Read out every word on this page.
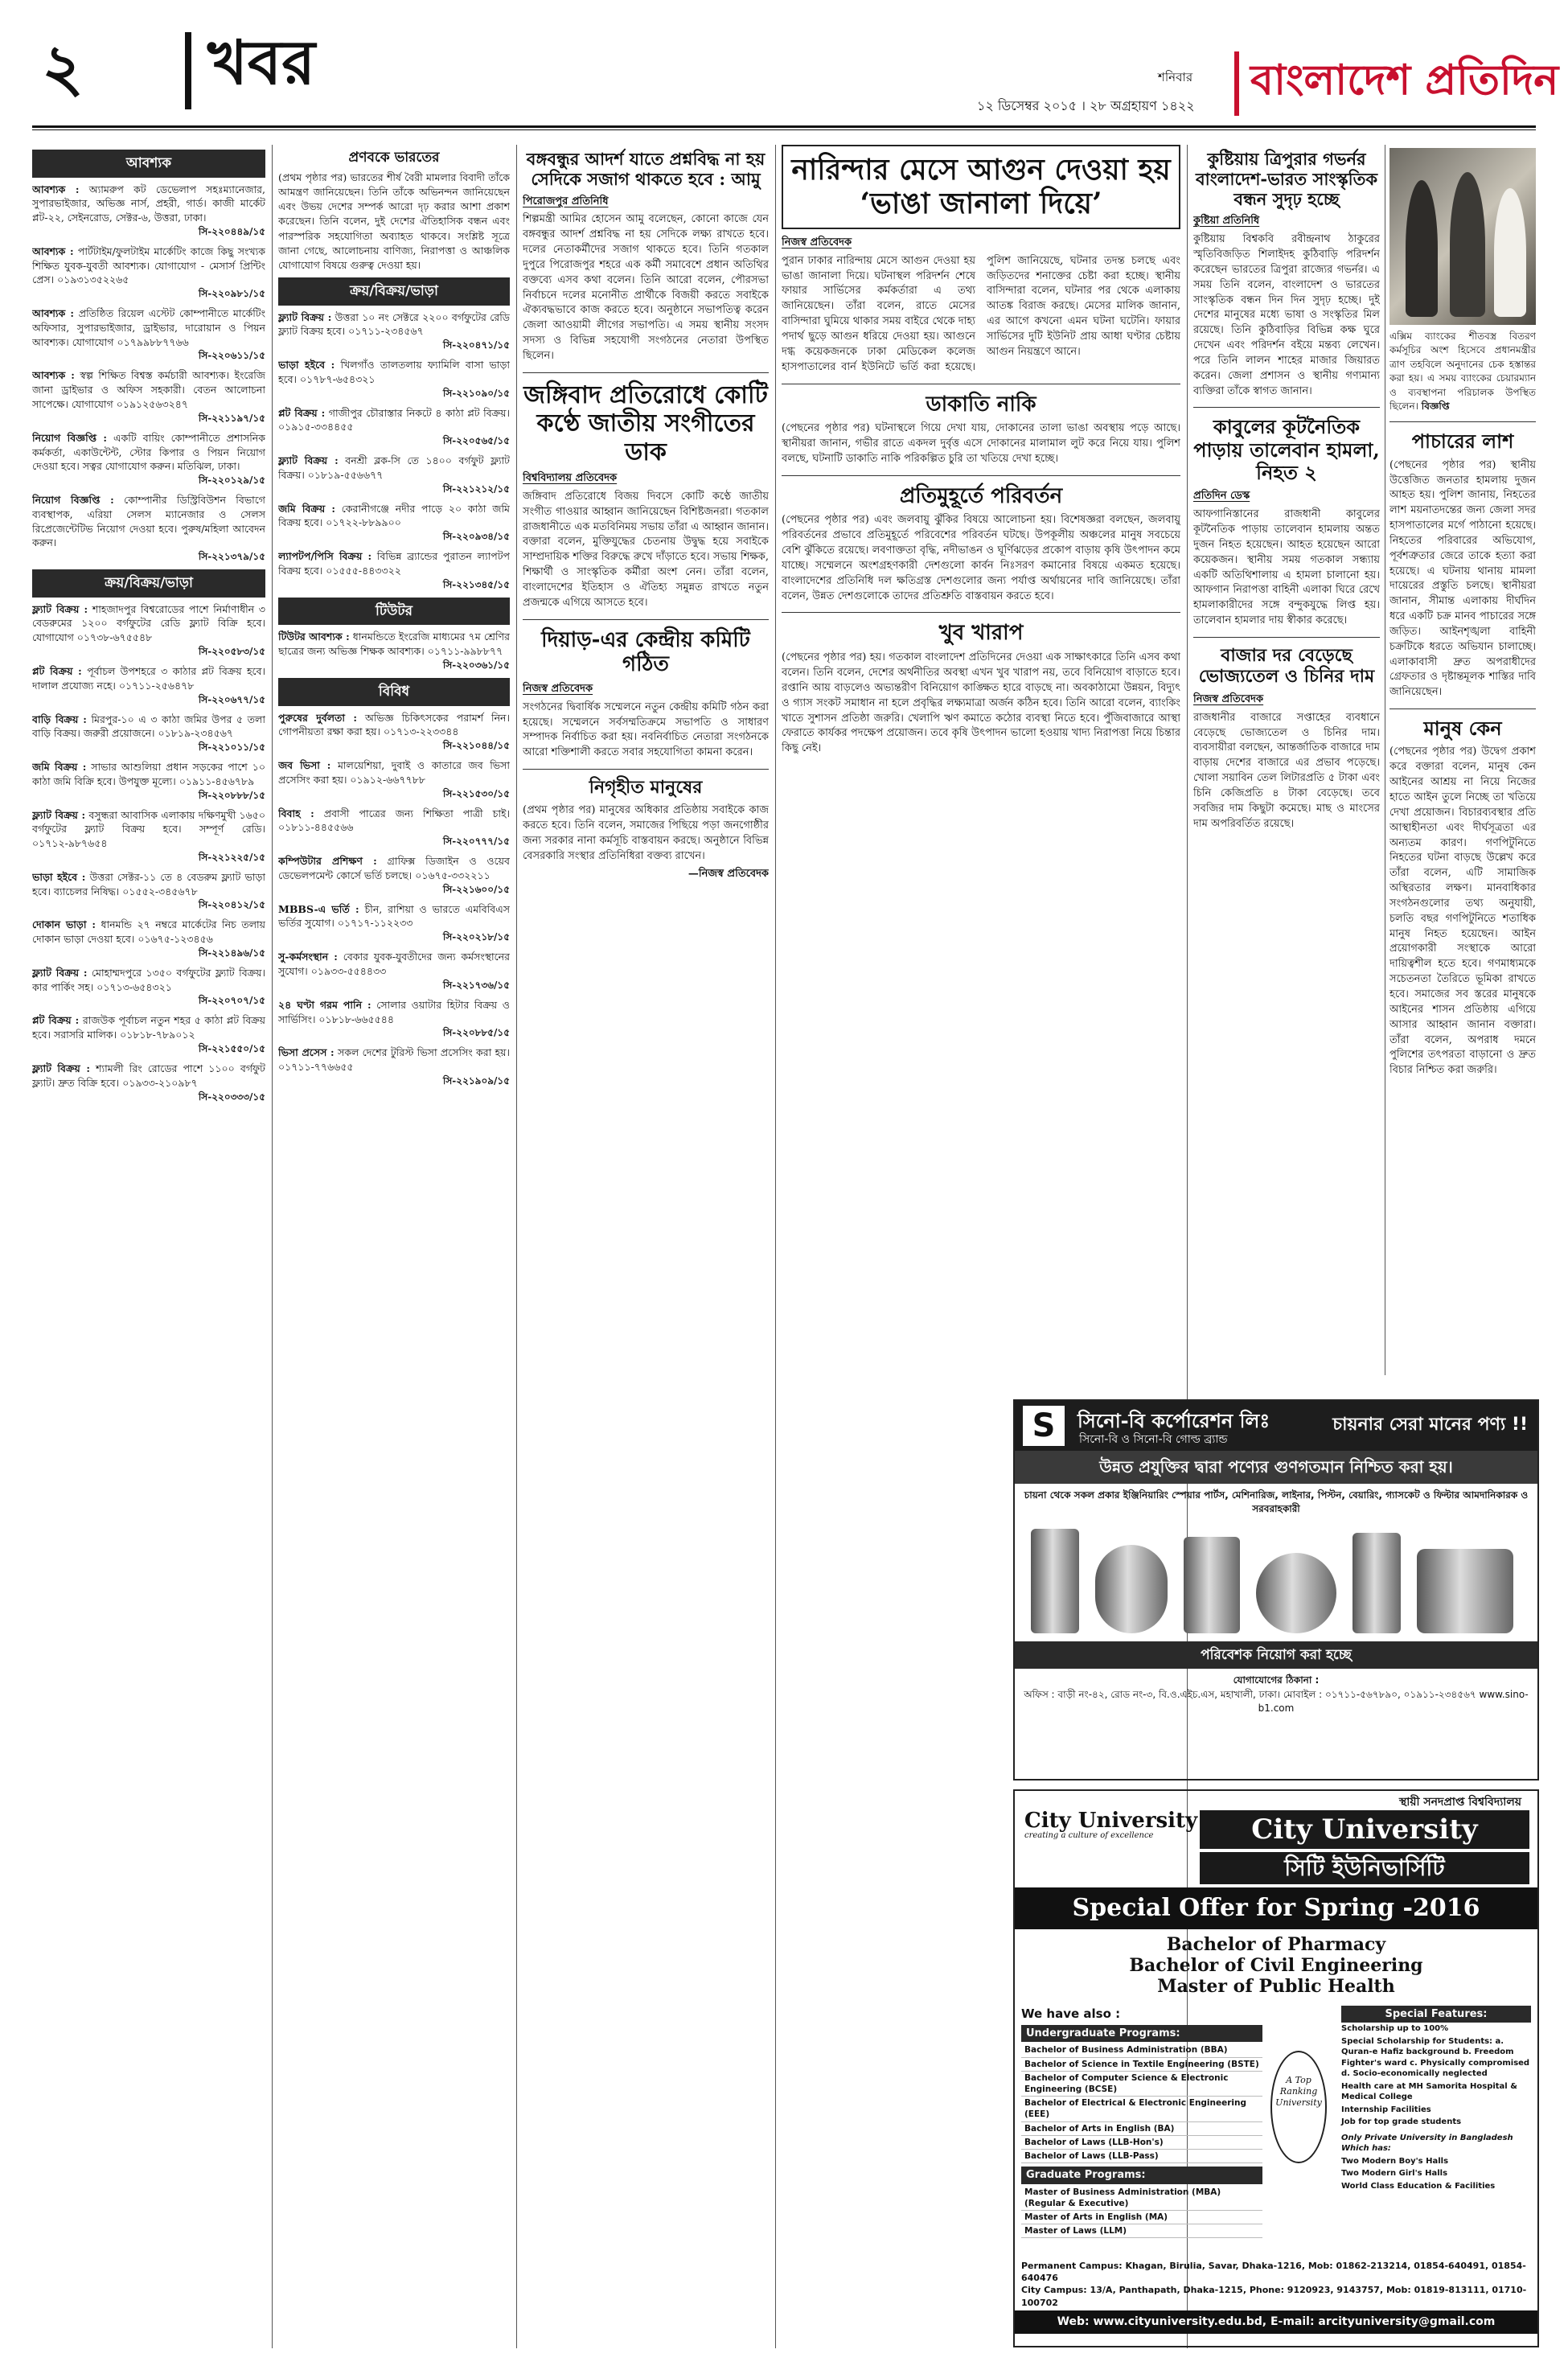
২ খবর	শনিবার
১২ ডিসেম্বর ২০১৫ । ২৮ অগ্রহায়ণ ১৪২২
বাংলাদেশ প্রতিদিন
আবশ্যক
আবশ্যক : অ্যামরুপ কট ডেভেলাপ সহঃম্যানেজার, সুপারভাইজার, অভিজ্ঞ নার্স, প্রহরী, গার্ড। কাজী মার্কেট প্লট-২২, সেইনরোড, সেক্টর-৬, উত্তরা, ঢাকা।
সি-২২০৪৪৯/১৫
আবশ্যক : পার্টটাইম/ফুলটাইম মার্কেটিং কাজে কিছু সংখ্যক শিক্ষিত যুবক-যুবতী আবশ্যক। যোগাযোগ - মেসার্স প্রিন্টিং প্রেস। ০১৯৩১৩৫২২৬৫
সি-২২০৯৮১/১৫
আবশ্যক : প্রতিষ্ঠিত রিয়েল এস্টেট কোম্পানীতে মার্কেটিং অফিসার, সুপারভাইজার, ড্রাইভার, দারোয়ান ও পিয়ন আবশ্যক। যোগাযোগ ০১৭৯৯৮৮৭৭৬৬
সি-২২০৬১১/১৫
আবশ্যক : স্বল্প শিক্ষিত বিশ্বস্ত কর্মচারী আবশ্যক। ইংরেজি জানা ড্রাইভার ও অফিস সহকারী। বেতন আলোচনা সাপেক্ষে। যোগাযোগ ০১৯১২৫৬৩২৪৭
সি-২২১১৯৭/১৫
নিয়োগ বিজ্ঞপ্তি : একটি বায়িং কোম্পানীতে প্রশাসনিক কর্মকর্তা, একাউন্টেন্ট, স্টোর কিপার ও পিয়ন নিয়োগ দেওয়া হবে। সত্বর যোগাযোগ করুন। মতিঝিল, ঢাকা।
সি-২২০১২৯/১৫
নিয়োগ বিজ্ঞপ্তি : কোম্পানীর ডিস্ট্রিবিউশন বিভাগে ব্যবস্থাপক, এরিয়া সেলস ম্যানেজার ও সেলস রিপ্রেজেন্টেটিভ নিয়োগ দেওয়া হবে। পুরুষ/মহিলা আবেদন করুন।
সি-২২১৩৭৯/১৫
ক্রয়/বিক্রয়/ভাড়া
ফ্ল্যাট বিক্রয় : শাহজাদপুর বিশ্বরোডের পাশে নির্মাণাধীন ৩ বেডরুমের ১২০০ বর্গফুটের রেডি ফ্ল্যাট বিক্রি হবে। যোগাযোগ ০১৭৩৮-৬৭৫৫৪৮
সি-২২০৫৮৩/১৫
প্লট বিক্রয় : পূর্বাচল উপশহরে ৩ কাঠার প্লট বিক্রয় হবে। দালাল প্রযোজ্য নহে। ০১৭১১-২৫৬৪৭৮
সি-২২০৬৭৭/১৫
বাড়ি বিক্রয় : মিরপুর-১০ এ ৩ কাঠা জমির উপর ৫ তলা বাড়ি বিক্রয়। জরুরী প্রয়োজনে। ০১৮১৯-২৩৪৫৬৭
সি-২২১০১১/১৫
জমি বিক্রয় : সাভার আশুলিয়া প্রধান সড়কের পাশে ১০ কাঠা জমি বিক্রি হবে। উপযুক্ত মূল্যে। ০১৯১১-৪৫৬৭৮৯
সি-২২০৮৮৮/১৫
ফ্ল্যাট বিক্রয় : বসুন্ধরা আবাসিক এলাকায় দক্ষিণমুখী ১৬৫০ বর্গফুটের ফ্ল্যাট বিক্রয় হবে। সম্পূর্ণ রেডি। ০১৭১২-৯৮৭৬৫৪
সি-২২১২২৫/১৫
ভাড়া হইবে : উত্তরা সেক্টর-১১ তে ৪ বেডরুম ফ্ল্যাট ভাড়া হবে। ব্যাচেলর নিষিদ্ধ। ০১৫৫২-৩৪৫৬৭৮
সি-২২০৪১২/১৫
দোকান ভাড়া : ধানমন্ডি ২৭ নম্বরে মার্কেটের নিচ তলায় দোকান ভাড়া দেওয়া হবে। ০১৬৭৫-১২৩৪৫৬
সি-২২১৪৯৬/১৫
ফ্ল্যাট বিক্রয় : মোহাম্মদপুরে ১৩৫০ বর্গফুটের ফ্ল্যাট বিক্রয়। কার পার্কিং সহ। ০১৭১৩-৬৫৪৩২১
সি-২২০৭০৭/১৫
প্লট বিক্রয় : রাজউক পূর্বাচল নতুন শহর ৫ কাঠা প্লট বিক্রয় হবে। সরাসরি মালিক। ০১৮১৮-৭৮৯০১২
সি-২২১৫৫০/১৫
ফ্ল্যাট বিক্রয় : শ্যামলী রিং রোডের পাশে ১১০০ বর্গফুট ফ্ল্যাট। দ্রুত বিক্রি হবে। ০১৯৩৩-২১০৯৮৭
সি-২২০৩৩৩/১৫
প্রণবকে ভারতের

(প্রথম পৃষ্ঠার পর) ভারতের শীর্ষ বৈরী মামলার বিবাদী তাঁকে আমন্ত্রণ জানিয়েছেন। তিনি তাঁকে অভিনন্দন জানিয়েছেন এবং উভয় দেশের সম্পর্ক আরো দৃঢ় করার আশা প্রকাশ করেছেন। তিনি বলেন, দুই দেশের ঐতিহাসিক বন্ধন এবং পারস্পরিক সহযোগিতা অব্যাহত থাকবে। সংশ্লিষ্ট সূত্রে জানা গেছে, আলোচনায় বাণিজ্য, নিরাপত্তা ও আঞ্চলিক যোগাযোগ বিষয়ে গুরুত্ব দেওয়া হয়।

ক্রয়/বিক্রয়/ভাড়া
ফ্ল্যাট বিক্রয় : উত্তরা ১০ নং সেক্টরে ২২০০ বর্গফুটের রেডি ফ্ল্যাট বিক্রয় হবে। ০১৭১১-২৩৪৫৬৭
সি-২২০৪৭১/১৫
ভাড়া হইবে : খিলগাঁও তালতলায় ফ্যামিলি বাসা ভাড়া হবে। ০১৭৮৭-৬৫৪৩২১
সি-২২১০৯০/১৫
প্লট বিক্রয় : গাজীপুর চৌরাস্তার নিকটে ৪ কাঠা প্লট বিক্রয়। ০১৯১৫-৩৩৪৪৫৫
সি-২২০৫৬৫/১৫
ফ্ল্যাট বিক্রয় : বনশ্রী ব্লক-সি তে ১৪০০ বর্গফুট ফ্ল্যাট বিক্রয়। ০১৮১৯-৫৫৬৬৭৭
সি-২২১২১২/১৫
জমি বিক্রয় : কেরানীগঞ্জে নদীর পাড়ে ২০ কাঠা জমি বিক্রয় হবে। ০১৭২২-৮৮৯৯০০
সি-২২০৯৩৪/১৫
ল্যাপটপ/পিসি বিক্রয় : বিভিন্ন ব্র্যান্ডের পুরাতন ল্যাপটপ বিক্রয় হবে। ০১৫৫৫-৪৪৩৩২২
সি-২২১৩৪৫/১৫
টিউটর
টিউটর আবশ্যক : ধানমন্ডিতে ইংরেজি মাধ্যমের ৭ম শ্রেণির ছাত্রের জন্য অভিজ্ঞ শিক্ষক আবশ্যক। ০১৭১১-৯৯৮৮৭৭
সি-২২০৩৬১/১৫
বিবিধ
পুরুষের দুর্বলতা : অভিজ্ঞ চিকিৎসকের পরামর্শ নিন। গোপনীয়তা রক্ষা করা হয়। ০১৭১৩-২২৩৩৪৪
সি-২২১০৪৪/১৫
জব ভিসা : মালয়েশিয়া, দুবাই ও কাতারে জব ভিসা প্রসেসিং করা হয়। ০১৯১২-৬৬৭৭৮৮
সি-২২১৫৩০/১৫
বিবাহ : প্রবাসী পাত্রের জন্য শিক্ষিতা পাত্রী চাই। ০১৮১১-৪৪৫৫৬৬
সি-২২০৭৭৭/১৫
কম্পিউটার প্রশিক্ষণ : গ্রাফিক্স ডিজাইন ও ওয়েব ডেভেলপমেন্ট কোর্সে ভর্তি চলছে। ০১৬৭৫-৩৩২২১১
সি-২২১৬০০/১৫
MBBS-এ ভর্তি : চীন, রাশিয়া ও ভারতে এমবিবিএস ভর্তির সুযোগ। ০১৭১৭-১১২২৩৩
সি-২২০২১৮/১৫
সু-কর্মসংস্থান : বেকার যুবক-যুবতীদের জন্য কর্মসংস্থানের সুযোগ। ০১৯৩৩-৫৫৪৪৩৩
সি-২২১৭৩৬/১৫
২৪ ঘণ্টা গরম পানি : সোলার ওয়াটার হিটার বিক্রয় ও সার্ভিসিং। ০১৮১৮-৬৬৫৫৪৪
সি-২২০৮৮৫/১৫
ভিসা প্রসেস : সকল দেশের টুরিস্ট ভিসা প্রসেসিং করা হয়। ০১৭১১-৭৭৬৬৫৫
সি-২২১৯০৯/১৫
বঙ্গবন্ধুর আদর্শ যাতে প্রশ্নবিদ্ধ না হয় সেদিকে সজাগ থাকতে হবে : আমু
পিরোজপুর প্রতিনিধি

শিল্পমন্ত্রী আমির হোসেন আমু বলেছেন, কোনো কাজে যেন বঙ্গবন্ধুর আদর্শ প্রশ্নবিদ্ধ না হয় সেদিকে লক্ষ্য রাখতে হবে। দলের নেতাকর্মীদের সজাগ থাকতে হবে। তিনি গতকাল দুপুরে পিরোজপুর শহরে এক কর্মী সমাবেশে প্রধান অতিথির বক্তব্যে এসব কথা বলেন। তিনি আরো বলেন, পৌরসভা নির্বাচনে দলের মনোনীত প্রার্থীকে বিজয়ী করতে সবাইকে ঐক্যবদ্ধভাবে কাজ করতে হবে। অনুষ্ঠানে সভাপতিত্ব করেন জেলা আওয়ামী লীগের সভাপতি। এ সময় স্থানীয় সংসদ সদস্য ও বিভিন্ন সহযোগী সংগঠনের নেতারা উপস্থিত ছিলেন।

জঙ্গিবাদ প্রতিরোধে কোটি কণ্ঠে জাতীয় সংগীতের ডাক
বিশ্ববিদ্যালয় প্রতিবেদক

জঙ্গিবাদ প্রতিরোধে বিজয় দিবসে কোটি কণ্ঠে জাতীয় সংগীত গাওয়ার আহ্বান জানিয়েছেন বিশিষ্টজনরা। গতকাল রাজধানীতে এক মতবিনিময় সভায় তাঁরা এ আহ্বান জানান। বক্তারা বলেন, মুক্তিযুদ্ধের চেতনায় উদ্বুদ্ধ হয়ে সবাইকে সাম্প্রদায়িক শক্তির বিরুদ্ধে রুখে দাঁড়াতে হবে। সভায় শিক্ষক, শিক্ষার্থী ও সাংস্কৃতিক কর্মীরা অংশ নেন। তাঁরা বলেন, বাংলাদেশের ইতিহাস ও ঐতিহ্য সমুন্নত রাখতে নতুন প্রজন্মকে এগিয়ে আসতে হবে।

দিয়াড়-এর কেন্দ্রীয় কমিটি গঠিত
নিজস্ব প্রতিবেদক

সংগঠনের দ্বিবার্ষিক সম্মেলনে নতুন কেন্দ্রীয় কমিটি গঠন করা হয়েছে। সম্মেলনে সর্বসম্মতিক্রমে সভাপতি ও সাধারণ সম্পাদক নির্বাচিত করা হয়। নবনির্বাচিত নেতারা সংগঠনকে আরো শক্তিশালী করতে সবার সহযোগিতা কামনা করেন।

নিগৃহীত মানুষের

(প্রথম পৃষ্ঠার পর) মানুষের অধিকার প্রতিষ্ঠায় সবাইকে কাজ করতে হবে। তিনি বলেন, সমাজের পিছিয়ে পড়া জনগোষ্ঠীর জন্য সরকার নানা কর্মসূচি বাস্তবায়ন করছে। অনুষ্ঠানে বিভিন্ন বেসরকারি সংস্থার প্রতিনিধিরা বক্তব্য রাখেন।

—নিজস্ব প্রতিবেদক

নারিন্দার মেসে আগুন দেওয়া হয় ‘ভাঙা জানালা দিয়ে’
নিজস্ব প্রতিবেদক

পুরান ঢাকার নারিন্দায় মেসে আগুন দেওয়া হয় ভাঙা জানালা দিয়ে। ঘটনাস্থল পরিদর্শন শেষে ফায়ার সার্ভিসের কর্মকর্তারা এ তথ্য জানিয়েছেন। তাঁরা বলেন, রাতে মেসের বাসিন্দারা ঘুমিয়ে থাকার সময় বাইরে থেকে দাহ্য পদার্থ ছুড়ে আগুন ধরিয়ে দেওয়া হয়। আগুনে দগ্ধ কয়েকজনকে ঢাকা মেডিকেল কলেজ হাসপাতালের বার্ন ইউনিটে ভর্তি করা হয়েছে। পুলিশ জানিয়েছে, ঘটনার তদন্ত চলছে এবং জড়িতদের শনাক্তের চেষ্টা করা হচ্ছে। স্থানীয় বাসিন্দারা বলেন, ঘটনার পর থেকে এলাকায় আতঙ্ক বিরাজ করছে। মেসের মালিক জানান, এর আগে কখনো এমন ঘটনা ঘটেনি। ফায়ার সার্ভিসের দুটি ইউনিট প্রায় আধা ঘণ্টার চেষ্টায় আগুন নিয়ন্ত্রণে আনে।

ডাকাতি নাকি

(পেছনের পৃষ্ঠার পর) ঘটনাস্থলে গিয়ে দেখা যায়, দোকানের তালা ভাঙা অবস্থায় পড়ে আছে। স্থানীয়রা জানান, গভীর রাতে একদল দুর্বৃত্ত এসে দোকানের মালামাল লুট করে নিয়ে যায়। পুলিশ বলছে, ঘটনাটি ডাকাতি নাকি পরিকল্পিত চুরি তা খতিয়ে দেখা হচ্ছে।

প্রতিমুহূর্তে পরিবর্তন

(পেছনের পৃষ্ঠার পর) এবং জলবায়ু ঝুঁকির বিষয়ে আলোচনা হয়। বিশেষজ্ঞরা বলছেন, জলবায়ু পরিবর্তনের প্রভাবে প্রতিমুহূর্তে পরিবেশের পরিবর্তন ঘটছে। উপকূলীয় অঞ্চলের মানুষ সবচেয়ে বেশি ঝুঁকিতে রয়েছে। লবণাক্ততা বৃদ্ধি, নদীভাঙন ও ঘূর্ণিঝড়ের প্রকোপ বাড়ায় কৃষি উৎপাদন কমে যাচ্ছে। সম্মেলনে অংশগ্রহণকারী দেশগুলো কার্বন নিঃসরণ কমানোর বিষয়ে একমত হয়েছে। বাংলাদেশের প্রতিনিধি দল ক্ষতিগ্রস্ত দেশগুলোর জন্য পর্যাপ্ত অর্থায়নের দাবি জানিয়েছে। তাঁরা বলেন, উন্নত দেশগুলোকে তাদের প্রতিশ্রুতি বাস্তবায়ন করতে হবে।

খুব খারাপ

(পেছনের পৃষ্ঠার পর) হয়। গতকাল বাংলাদেশ প্রতিদিনের দেওয়া এক সাক্ষাৎকারে তিনি এসব কথা বলেন। তিনি বলেন, দেশের অর্থনীতির অবস্থা এখন খুব খারাপ নয়, তবে বিনিয়োগ বাড়াতে হবে। রপ্তানি আয় বাড়লেও অভ্যন্তরীণ বিনিয়োগ কাঙ্ক্ষিত হারে বাড়ছে না। অবকাঠামো উন্নয়ন, বিদ্যুৎ ও গ্যাস সংকট সমাধান না হলে প্রবৃদ্ধির লক্ষ্যমাত্রা অর্জন কঠিন হবে। তিনি আরো বলেন, ব্যাংকিং খাতে সুশাসন প্রতিষ্ঠা জরুরি। খেলাপি ঋণ কমাতে কঠোর ব্যবস্থা নিতে হবে। পুঁজিবাজারে আস্থা ফেরাতে কার্যকর পদক্ষেপ প্রয়োজন। তবে কৃষি উৎপাদন ভালো হওয়ায় খাদ্য নিরাপত্তা নিয়ে চিন্তার কিছু নেই।

কুষ্টিয়ায় ত্রিপুরার গভর্নর বাংলাদেশ-ভারত সাংস্কৃতিক বন্ধন সুদৃঢ় হচ্ছে
কুষ্টিয়া প্রতিনিধি

কুষ্টিয়ায় বিশ্বকবি রবীন্দ্রনাথ ঠাকুরের স্মৃতিবিজড়িত শিলাইদহ কুঠিবাড়ি পরিদর্শন করেছেন ভারতের ত্রিপুরা রাজ্যের গভর্নর। এ সময় তিনি বলেন, বাংলাদেশ ও ভারতের সাংস্কৃতিক বন্ধন দিন দিন সুদৃঢ় হচ্ছে। দুই দেশের মানুষের মধ্যে ভাষা ও সংস্কৃতির মিল রয়েছে। তিনি কুঠিবাড়ির বিভিন্ন কক্ষ ঘুরে দেখেন এবং পরিদর্শন বইয়ে মন্তব্য লেখেন। পরে তিনি লালন শাহের মাজার জিয়ারত করেন। জেলা প্রশাসন ও স্থানীয় গণ্যমান্য ব্যক্তিরা তাঁকে স্বাগত জানান।

কাবুলের কূটনৈতিক পাড়ায় তালেবান হামলা, নিহত ২
প্রতিদিন ডেস্ক

আফগানিস্তানের রাজধানী কাবুলের কূটনৈতিক পাড়ায় তালেবান হামলায় অন্তত দুজন নিহত হয়েছেন। আহত হয়েছেন আরো কয়েকজন। স্থানীয় সময় গতকাল সন্ধ্যায় একটি অতিথিশালায় এ হামলা চালানো হয়। আফগান নিরাপত্তা বাহিনী এলাকা ঘিরে রেখে হামলাকারীদের সঙ্গে বন্দুকযুদ্ধে লিপ্ত হয়। তালেবান হামলার দায় স্বীকার করেছে।

বাজার দর বেড়েছে ভোজ্যতেল ও চিনির দাম
নিজস্ব প্রতিবেদক

রাজধানীর বাজারে সপ্তাহের ব্যবধানে বেড়েছে ভোজ্যতেল ও চিনির দাম। ব্যবসায়ীরা বলছেন, আন্তর্জাতিক বাজারে দাম বাড়ায় দেশের বাজারে এর প্রভাব পড়েছে। খোলা সয়াবিন তেল লিটারপ্রতি ৫ টাকা এবং চিনি কেজিপ্রতি ৪ টাকা বেড়েছে। তবে সবজির দাম কিছুটা কমেছে। মাছ ও মাংসের দাম অপরিবর্তিত রয়েছে।

এক্সিম ব্যাংকের শীতবস্ত্র বিতরণ কর্মসূচির অংশ হিসেবে প্রধানমন্ত্রীর ত্রাণ তহবিলে অনুদানের চেক হস্তান্তর করা হয়। এ সময় ব্যাংকের চেয়ারম্যান ও ব্যবস্থাপনা পরিচালক উপস্থিত ছিলেন। বিজ্ঞপ্তি

পাচারের লাশ

(পেছনের পৃষ্ঠার পর) স্থানীয় উত্তেজিত জনতার হামলায় দুজন আহত হয়। পুলিশ জানায়, নিহতের লাশ ময়নাতদন্তের জন্য জেলা সদর হাসপাতালের মর্গে পাঠানো হয়েছে। নিহতের পরিবারের অভিযোগ, পূর্বশত্রুতার জেরে তাকে হত্যা করা হয়েছে। এ ঘটনায় থানায় মামলা দায়েরের প্রস্তুতি চলছে। স্থানীয়রা জানান, সীমান্ত এলাকায় দীর্ঘদিন ধরে একটি চক্র মানব পাচারের সঙ্গে জড়িত। আইনশৃঙ্খলা বাহিনী চক্রটিকে ধরতে অভিযান চালাচ্ছে। এলাকাবাসী দ্রুত অপরাধীদের গ্রেফতার ও দৃষ্টান্তমূলক শাস্তির দাবি জানিয়েছেন।

মানুষ কেন

(পেছনের পৃষ্ঠার পর) উদ্বেগ প্রকাশ করে বক্তারা বলেন, মানুষ কেন আইনের আশ্রয় না নিয়ে নিজের হাতে আইন তুলে নিচ্ছে তা খতিয়ে দেখা প্রয়োজন। বিচারব্যবস্থার প্রতি আস্থাহীনতা এবং দীর্ঘসূত্রতা এর অন্যতম কারণ। গণপিটুনিতে নিহতের ঘটনা বাড়ছে উল্লেখ করে তাঁরা বলেন, এটি সামাজিক অস্থিরতার লক্ষণ। মানবাধিকার সংগঠনগুলোর তথ্য অনুযায়ী, চলতি বছর গণপিটুনিতে শতাধিক মানুষ নিহত হয়েছেন। আইন প্রয়োগকারী সংস্থাকে আরো দায়িত্বশীল হতে হবে। গণমাধ্যমকে সচেতনতা তৈরিতে ভূমিকা রাখতে হবে। সমাজের সব স্তরের মানুষকে আইনের শাসন প্রতিষ্ঠায় এগিয়ে আসার আহ্বান জানান বক্তারা। তাঁরা বলেন, অপরাধ দমনে পুলিশের তৎপরতা বাড়ানো ও দ্রুত বিচার নিশ্চিত করা জরুরি।

S	সিনো-বি কর্পোরেশন লিঃ
সিনো-বি ও সিনো-বি গোল্ড ব্র্যান্ড
চায়নার সেরা মানের পণ্য !!
উন্নত প্রযুক্তির দ্বারা পণ্যের গুণগতমান নিশ্চিত করা হয়।
চায়না থেকে সকল প্রকার ইঞ্জিনিয়ারিং স্পেয়ার পার্টস, মেশিনারিজ, লাইনার, পিস্টন, বেয়ারিং, গ্যাসকেট ও ফিল্টার আমদানিকারক ও সরবরাহকারী
পরিবেশক নিয়োগ করা হচ্ছে
যোগাযোগের ঠিকানা :
অফিস : বাড়ী নং-৪২, রোড নং-৩, বি.ও.এইচ.এস, মহাখালী, ঢাকা। মোবাইল : ০১৭১১-৫৬৭৮৯০, ০১৯১১-২৩৪৫৬৭ www.sino-b1.com
স্থায়ী সনদপ্রাপ্ত বিশ্ববিদ্যালয়
City University
creating a culture of excellence	City University
সিটি ইউনিভার্সিটি
Special Offer for Spring -2016
Bachelor of Pharmacy
Bachelor of Civil Engineering
Master of Public Health
We have also :
Undergraduate Programs:
Bachelor of Business Administration (BBA)
Bachelor of Science in Textile Engineering (BSTE)
Bachelor of Computer Science & Electronic Engineering (BCSE)
Bachelor of Electrical & Electronic Engineering (EEE)
Bachelor of Arts in English (BA)
Bachelor of Laws (LLB-Hon's)
Bachelor of Laws (LLB-Pass)
Graduate Programs:
Master of Business Administration (MBA) (Regular & Executive)
Master of Arts in English (MA)
Master of Laws (LLM)
A Top Ranking University
Special Features:
Scholarship up to 100%
Special Scholarship for Students: a. Quran-e Hafiz background b. Freedom Fighter's ward c. Physically compromised d. Socio-economically neglected
Health care at MH Samorita Hospital & Medical College
Internship Facilities
Job for top grade students
Only Private University in Bangladesh Which has:
Two Modern Boy's Halls
Two Modern Girl's Halls
World Class Education & Facilities
Permanent Campus: Khagan, Birulia, Savar, Dhaka-1216, Mob: 01862-213214, 01854-640491, 01854-640476
City Campus: 13/A, Panthapath, Dhaka-1215, Phone: 9120923, 9143757, Mob: 01819-813111, 01710-100702
Web: www.cityuniversity.edu.bd, E-mail: arcityuniversity@gmail.com
